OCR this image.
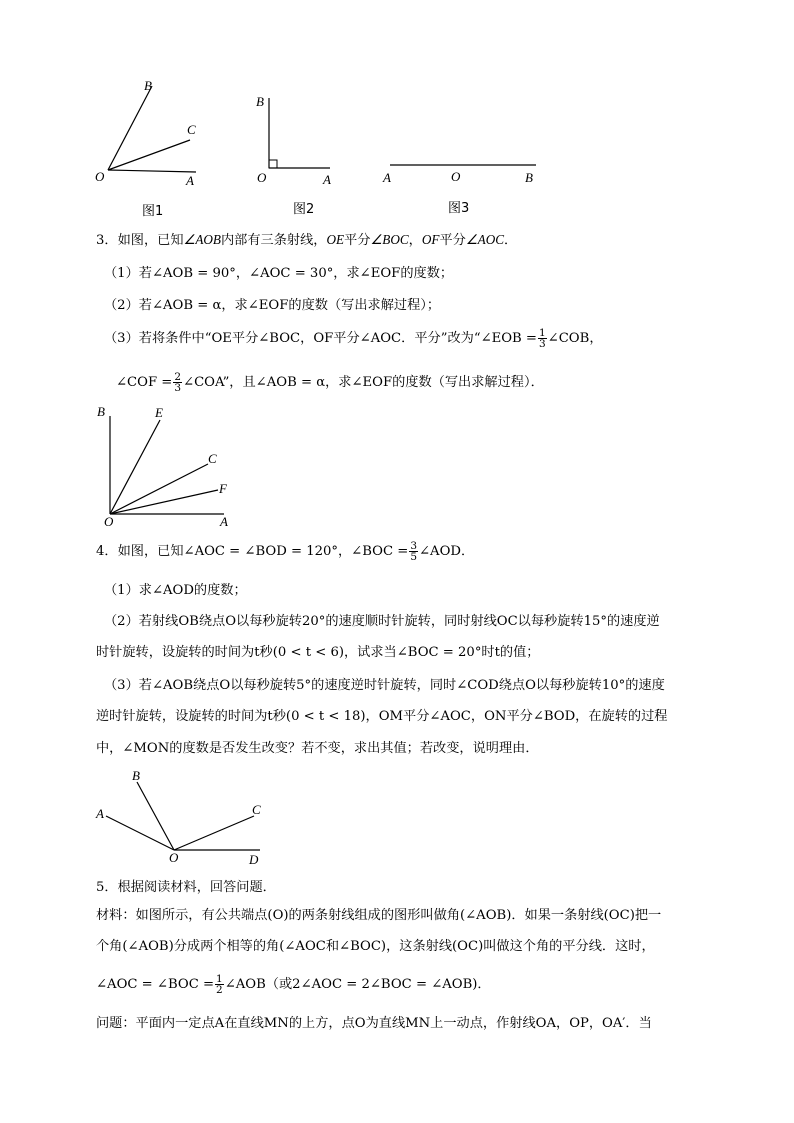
B
C
O	A
图1
B
O	A
图2
A	O	B
图3
3．如图，已知∠AOB内部有三条射线，OE平分∠BOC，OF平分∠AOC．
（1）若∠AOB = 90°，∠AOC = 30°，求∠EOF的度数；
（2）若∠AOB = α，求∠EOF的度数（写出求解过程）；
（3）若将条件中“OE平分∠BOC，OF平分∠AOC．平分”改为“∠EOB = $\frac{1}{3}$ ∠COB，
∠COF = $\frac{2}{3}$ ∠COA”，且∠AOB = α，求∠EOF的度数（写出求解过程）．
B	E
C
F
O	A
4．如图，已知∠AOC = ∠BOD = 120°，∠BOC = $\frac{3}{5}$ ∠AOD．
（1）求∠AOD的度数；
（2）若射线OB绕点O以每秒旋转20°的速度顺时针旋转，同时射线OC以每秒旋转15°的速度逆
时针旋转，设旋转的时间为t秒(0 < t < 6)，试求当∠BOC = 20°时t的值；
（3）若∠AOB绕点O以每秒旋转5°的速度逆时针旋转，同时∠COD绕点O以每秒旋转10°的速度
逆时针旋转，设旋转的时间为t秒(0 < t < 18)，OM平分∠AOC，ON平分∠BOD，在旋转的过程
中，∠MON的度数是否发生改变？若不变，求出其值；若改变，说明理由．
B
A	C
O	D
5．根据阅读材料，回答问题．
材料：如图所示，有公共端点(O)的两条射线组成的图形叫做角(∠AOB)．如果一条射线(OC)把一
个角(∠AOB)分成两个相等的角(∠AOC和∠BOC)，这条射线(OC)叫做这个角的平分线．这时，
∠AOC = ∠BOC = $\frac{1}{2}$ ∠AOB（或2∠AOC = 2∠BOC = ∠AOB)．
问题：平面内一定点A在直线MN的上方，点O为直线MN上一动点，作射线OA，OP，OA′．当
